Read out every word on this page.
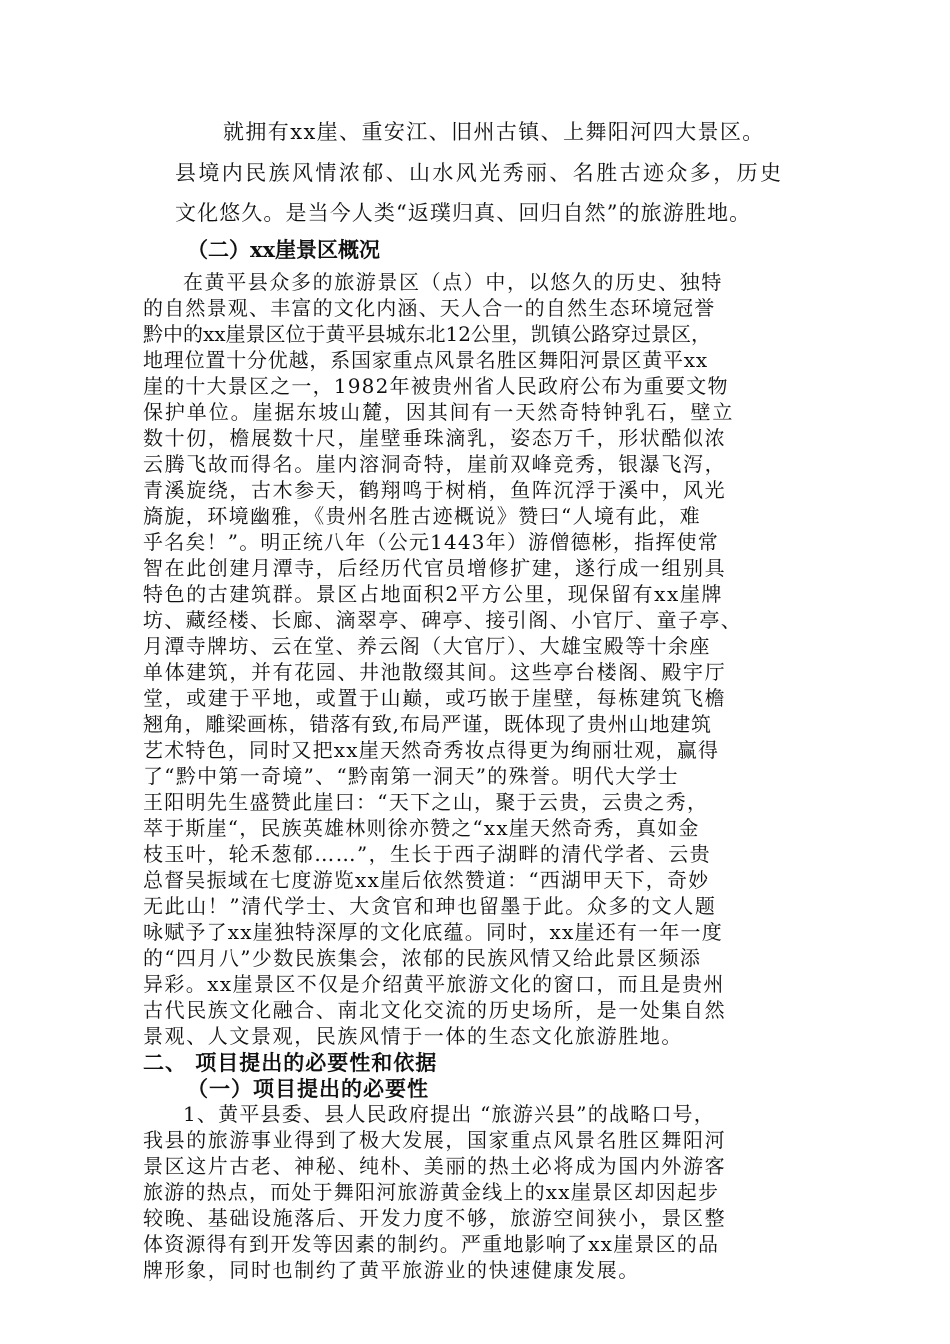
就拥有xx崖、重安江、旧州古镇、上舞阳河四大景区。

县境内民族风情浓郁、山水风光秀丽、名胜古迹众多，历史

文化悠久。是当今人类“返璞归真、回归自然”的旅游胜地。

（二）xx崖景区概况

在黄平县众多的旅游景区（点）中，以悠久的历史、独特

的自然景观、丰富的文化内涵、天人合一的自然生态环境冠誉

黔中的xx崖景区位于黄平县城东北12公里，凯镇公路穿过景区，

地理位置十分优越，系国家重点风景名胜区舞阳河景区黄平xx

崖的十大景区之一，1982年被贵州省人民政府公布为重要文物

保护单位。崖据东坡山麓，因其间有一天然奇特钟乳石，壁立

数十仞，檐展数十尺，崖壁垂珠滴乳，姿态万千，形状酷似浓

云腾飞故而得名。崖内溶洞奇特，崖前双峰竞秀，银瀑飞泻，

青溪旋绕，古木参天，鹤翔鸣于树梢，鱼阵沉浮于溪中，风光

旖旎，环境幽雅，《贵州名胜古迹概说》赞曰“人境有此，难

乎名矣！”。明正统八年（公元1443年）游僧德彬，指挥使常

智在此创建月潭寺，后经历代官员增修扩建，遂行成一组别具

特色的古建筑群。景区占地面积2平方公里，现保留有xx崖牌

坊、藏经楼、长廊、滴翠亭、碑亭、接引阁、小官厅、童子亭、

月潭寺牌坊、云在堂、养云阁（大官厅）、大雄宝殿等十余座

单体建筑，并有花园、井池散缀其间。这些亭台楼阁、殿宇厅

堂，或建于平地，或置于山巅，或巧嵌于崖壁，每栋建筑飞檐

翘角，雕梁画栋，错落有致,布局严谨，既体现了贵州山地建筑

艺术特色，同时又把xx崖天然奇秀妆点得更为绚丽壮观，赢得

了“黔中第一奇境”、“黔南第一洞天”的殊誉。明代大学士

王阳明先生盛赞此崖曰：“天下之山，聚于云贵，云贵之秀，

萃于斯崖“，民族英雄林则徐亦赞之“xx崖天然奇秀，真如金

枝玉叶，轮禾葱郁……”，生长于西子湖畔的清代学者、云贵

总督吴振域在七度游览xx崖后依然赞道：“西湖甲天下，奇妙

无此山！”清代学士、大贪官和珅也留墨于此。众多的文人题

咏赋予了xx崖独特深厚的文化底蕴。同时，xx崖还有一年一度

的“四月八”少数民族集会，浓郁的民族风情又给此景区频添

异彩。xx崖景区不仅是介绍黄平旅游文化的窗口，而且是贵州

古代民族文化融合、南北文化交流的历史场所，是一处集自然

景观、人文景观，民族风情于一体的生态文化旅游胜地。

二、 项目提出的必要性和依据

（一）项目提出的必要性

1、黄平县委、县人民政府提出 “旅游兴县”的战略口号，

我县的旅游事业得到了极大发展，国家重点风景名胜区舞阳河

景区这片古老、神秘、纯朴、美丽的热土必将成为国内外游客

旅游的热点，而处于舞阳河旅游黄金线上的xx崖景区却因起步

较晚、基础设施落后、开发力度不够，旅游空间狭小，景区整

体资源得有到开发等因素的制约。严重地影响了xx崖景区的品

牌形象，同时也制约了黄平旅游业的快速健康发展。
